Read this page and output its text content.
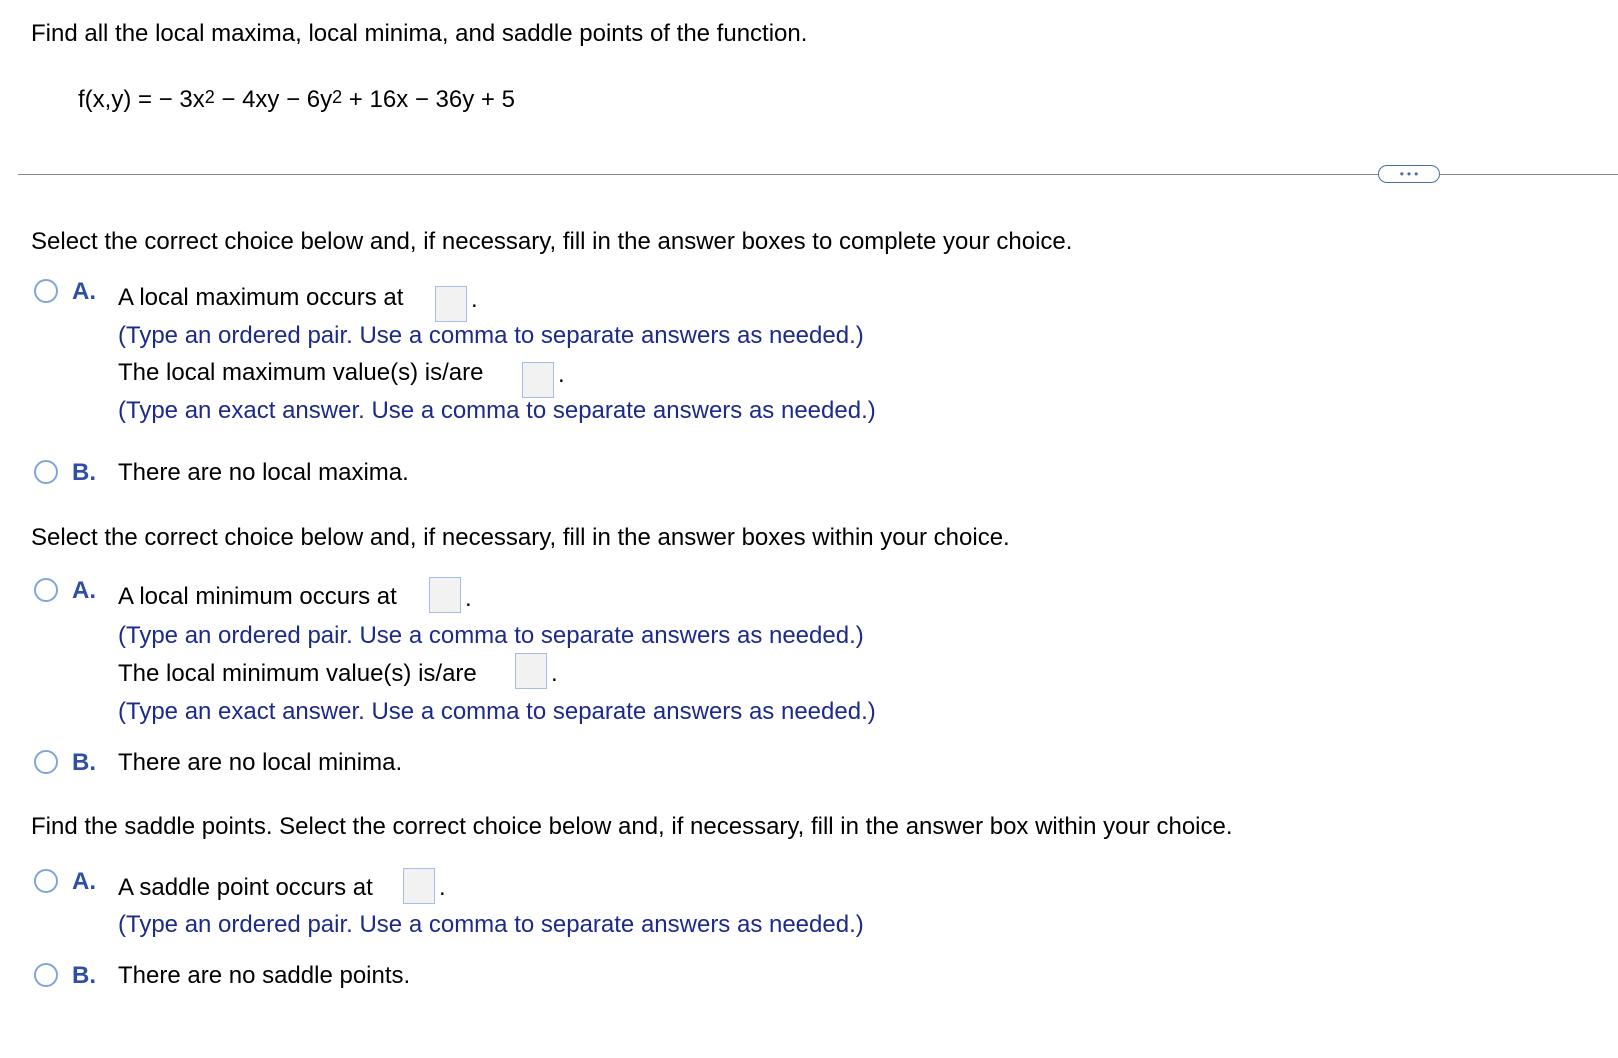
Find all the local maxima, local minima, and saddle points of the function.
f(x,y) = − $3x^2 - 4xy - 6y^2 + 16x - 36y + 5$
•••
Select the correct choice below and, if necessary, fill in the answer boxes to complete your choice.
A. A local maximum occurs at	.
(Type an ordered pair. Use a comma to separate answers as needed.)
The local maximum value(s) is/are	.
(Type an exact answer. Use a comma to separate answers as needed.)
B. There are no local maxima.
Select the correct choice below and, if necessary, fill in the answer boxes within your choice.
A. A local minimum occurs at	.
(Type an ordered pair. Use a comma to separate answers as needed.)
The local minimum value(s) is/are	.
(Type an exact answer. Use a comma to separate answers as needed.)
B. There are no local minima.
Find the saddle points. Select the correct choice below and, if necessary, fill in the answer box within your choice.
A. A saddle point occurs at	.
(Type an ordered pair. Use a comma to separate answers as needed.)
B. There are no saddle points.
